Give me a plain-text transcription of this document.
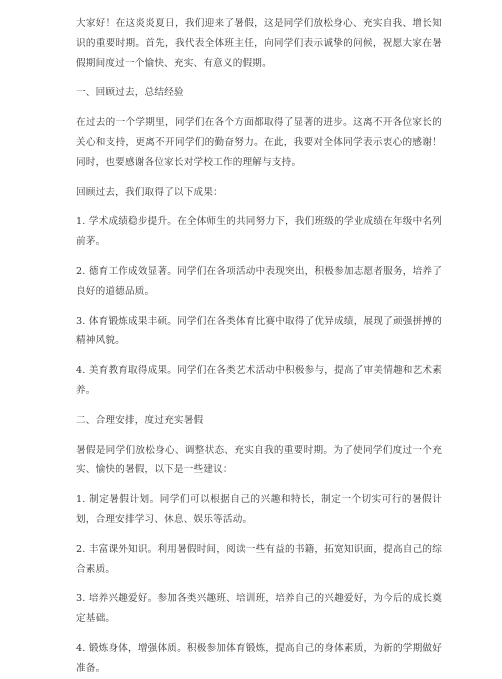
大家好！在这炎炎夏日，我们迎来了暑假，这是同学们放松身心、充实自我、增长知识的重要时期。首先，我代表全体班主任，向同学们表示诚挚的问候，祝愿大家在暑假期间度过一个愉快、充实、有意义的假期。

一、回顾过去，总结经验

在过去的一个学期里，同学们在各个方面都取得了显著的进步。这离不开各位家长的关心和支持，更离不开同学们的勤奋努力。在此，我要对全体同学表示衷心的感谢！同时，也要感谢各位家长对学校工作的理解与支持。

回顾过去，我们取得了以下成果：

1. 学术成绩稳步提升。在全体师生的共同努力下，我们班级的学业成绩在年级中名列前茅。

2. 德育工作成效显著。同学们在各项活动中表现突出，积极参加志愿者服务，培养了良好的道德品质。

3. 体育锻炼成果丰硕。同学们在各类体育比赛中取得了优异成绩，展现了顽强拼搏的精神风貌。

4. 美育教育取得成果。同学们在各类艺术活动中积极参与，提高了审美情趣和艺术素养。

二、合理安排，度过充实暑假

暑假是同学们放松身心、调整状态、充实自我的重要时期。为了使同学们度过一个充实、愉快的暑假，以下是一些建议：

1. 制定暑假计划。同学们可以根据自己的兴趣和特长，制定一个切实可行的暑假计划，合理安排学习、休息、娱乐等活动。

2. 丰富课外知识。利用暑假时间，阅读一些有益的书籍，拓宽知识面，提高自己的综合素质。

3. 培养兴趣爱好。参加各类兴趣班、培训班，培养自己的兴趣爱好，为今后的成长奠定基础。

4. 锻炼身体，增强体质。积极参加体育锻炼，提高自己的身体素质，为新的学期做好准备。
